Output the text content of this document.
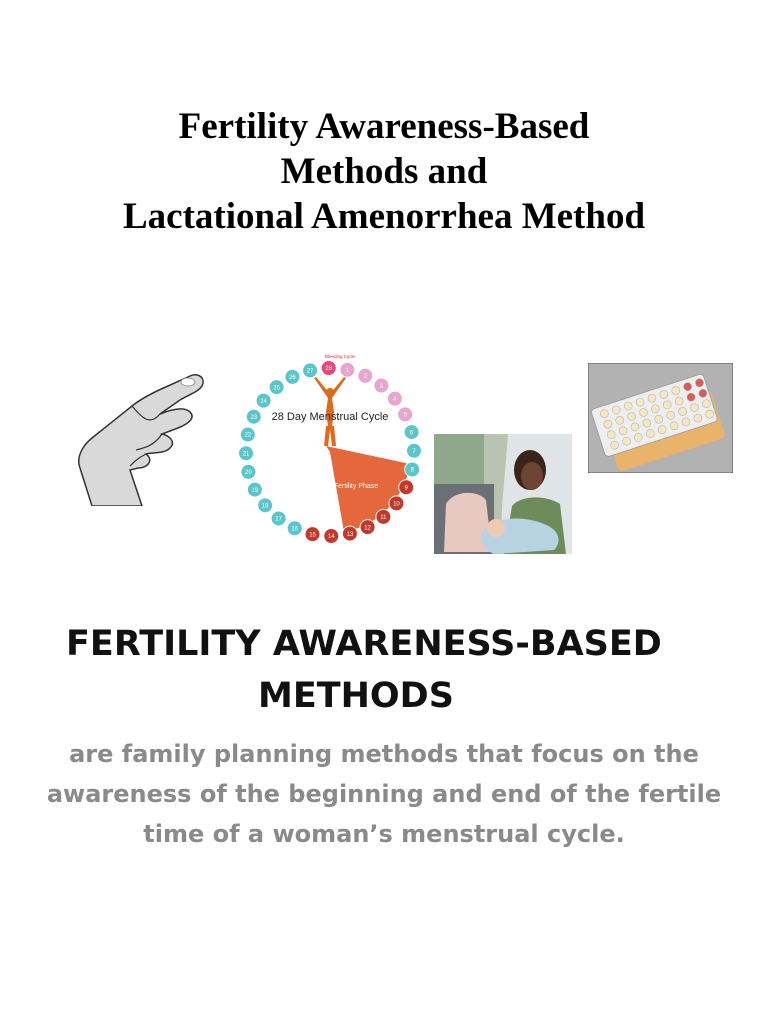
Fertility Awareness-Based
Methods and
Lactational Amenorrhea Method
1
2
3
4
5
6
7
8
9
10
11
12
13
14
15
16
17
18
19
20
21
22
23
24
25
26
27 28
28 Day Menstrual Cycle
Fertility Phase
Bleeding Cycle
FERTILITY AWARENESS-BASED
METHODS
are family planning methods that focus on the awareness of the beginning and end of the fertile time of a woman’s menstrual cycle.
